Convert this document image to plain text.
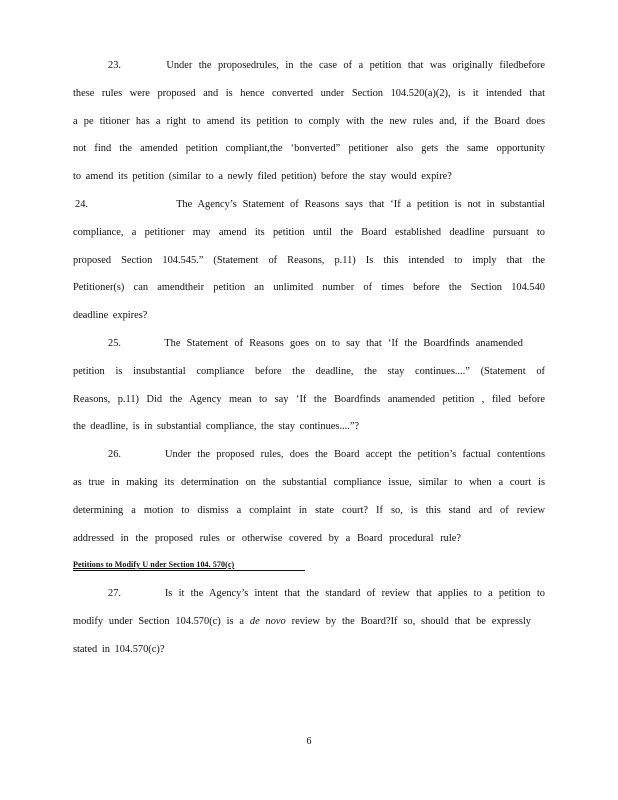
23.	Under the proposedrules, in the case of a petition that was originally filedbefore
these rules were proposed and is hence converted under Section 104.520(a)(2), is it intended that
a pe titioner has a right to amend its petition to comply with the new rules and, if the Board does
not find the amended petition compliant,the ‘bonverted” petitioner also gets the same opportunity
to amend its petition (similar to a newly filed petition) before the stay would expire?
24.	The Agency’s Statement of Reasons says that ‘If a petition is not in substantial
compliance, a petitioner may amend its petition until the Board established deadline pursuant to
proposed Section 104.545.” (Statement of Reasons, p.11) Is this intended to imply that the
Petitioner(s) can amendtheir petition an unlimited number of times before the Section 104.540
deadline expires?
25.	The Statement of Reasons goes on to say that ‘If the Boardfinds anamended
petition is insubstantial compliance before the deadline, the stay continues....” (Statement of
Reasons, p.11) Did the Agency mean to say ‘If the Boardfinds anamended petition , filed before
the deadline, is in substantial compliance, the stay continues....”?
26.	Under the proposed rules, does the Board accept the petition’s factual contentions
as true in making its determination on the substantial compliance issue, similar to when a court is
determining a motion to dismiss a complaint in state court? If so, is this stand ard of review
addressed in the proposed rules or otherwise covered by a Board procedural rule?
Petitions to Modify U nder Section 104. 570(c)
27.	Is it the Agency’s intent that the standard of review that applies to a petition to
modify under Section 104.570(c) is a de novo review by the Board?If so, should that be expressly
stated in 104.570(c)?
6
